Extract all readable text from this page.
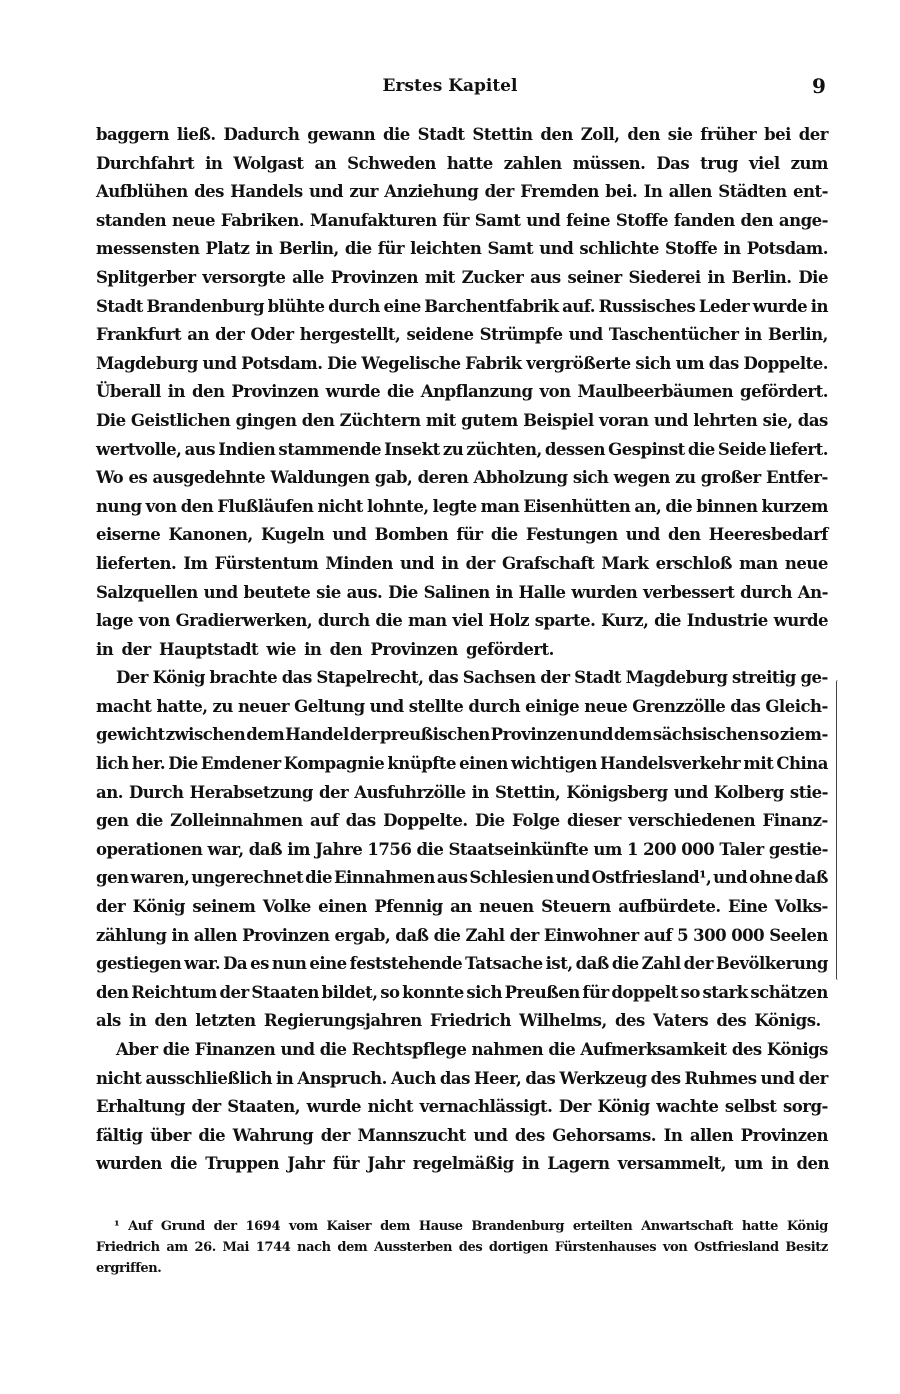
Erstes Kapitel	9
baggern ließ. Dadurch gewann die Stadt Stettin den Zoll, den sie früher bei der
Durchfahrt in Wolgast an Schweden hatte zahlen müssen. Das trug viel zum
Aufblühen des Handels und zur Anziehung der Fremden bei. In allen Städten ent-
standen neue Fabriken. Manufakturen für Samt und feine Stoffe fanden den ange-
messensten Platz in Berlin, die für leichten Samt und schlichte Stoffe in Potsdam.
Splitgerber versorgte alle Provinzen mit Zucker aus seiner Siederei in Berlin. Die
Stadt Brandenburg blühte durch eine Barchentfabrik auf. Russisches Leder wurde in
Frankfurt an der Oder hergestellt, seidene Strümpfe und Taschentücher in Berlin,
Magdeburg und Potsdam. Die Wegelische Fabrik vergrößerte sich um das Doppelte.
Überall in den Provinzen wurde die Anpflanzung von Maulbeerbäumen gefördert.
Die Geistlichen gingen den Züchtern mit gutem Beispiel voran und lehrten sie, das
wertvolle, aus Indien stammende Insekt zu züchten, dessen Gespinst die Seide liefert.
Wo es ausgedehnte Waldungen gab, deren Abholzung sich wegen zu großer Entfer-
nung von den Flußläufen nicht lohnte, legte man Eisenhütten an, die binnen kurzem
eiserne Kanonen, Kugeln und Bomben für die Festungen und den Heeresbedarf
lieferten. Im Fürstentum Minden und in der Grafschaft Mark erschloß man neue
Salzquellen und beutete sie aus. Die Salinen in Halle wurden verbessert durch An-
lage von Gradierwerken, durch die man viel Holz sparte. Kurz, die Industrie wurde
in der Hauptstadt wie in den Provinzen gefördert.
Der König brachte das Stapelrecht, das Sachsen der Stadt Magdeburg streitig ge-
macht hatte, zu neuer Geltung und stellte durch einige neue Grenzzölle das Gleich-
gewicht zwischen dem Handel der preußischen Provinzen und dem sächsischen so ziem-
lich her. Die Emdener Kompagnie knüpfte einen wichtigen Handelsverkehr mit China
an. Durch Herabsetzung der Ausfuhrzölle in Stettin, Königsberg und Kolberg stie-
gen die Zolleinnahmen auf das Doppelte. Die Folge dieser verschiedenen Finanz-
operationen war, daß im Jahre 1756 die Staatseinkünfte um 1 200 000 Taler gestie-
gen waren, ungerechnet die Einnahmen aus Schlesien und Ostfriesland¹, und ohne daß
der König seinem Volke einen Pfennig an neuen Steuern aufbürdete. Eine Volks-
zählung in allen Provinzen ergab, daß die Zahl der Einwohner auf 5 300 000 Seelen
gestiegen war. Da es nun eine feststehende Tatsache ist, daß die Zahl der Bevölkerung
den Reichtum der Staaten bildet, so konnte sich Preußen für doppelt so stark schätzen
als in den letzten Regierungsjahren Friedrich Wilhelms, des Vaters des Königs.
Aber die Finanzen und die Rechtspflege nahmen die Aufmerksamkeit des Königs
nicht ausschließlich in Anspruch. Auch das Heer, das Werkzeug des Ruhmes und der
Erhaltung der Staaten, wurde nicht vernachlässigt. Der König wachte selbst sorg-
fältig über die Wahrung der Mannszucht und des Gehorsams. In allen Provinzen
wurden die Truppen Jahr für Jahr regelmäßig in Lagern versammelt, um in den
¹ Auf Grund der 1694 vom Kaiser dem Hause Brandenburg erteilten Anwartschaft hatte König
Friedrich am 26. Mai 1744 nach dem Aussterben des dortigen Fürstenhauses von Ostfriesland Besitz
ergriffen.
